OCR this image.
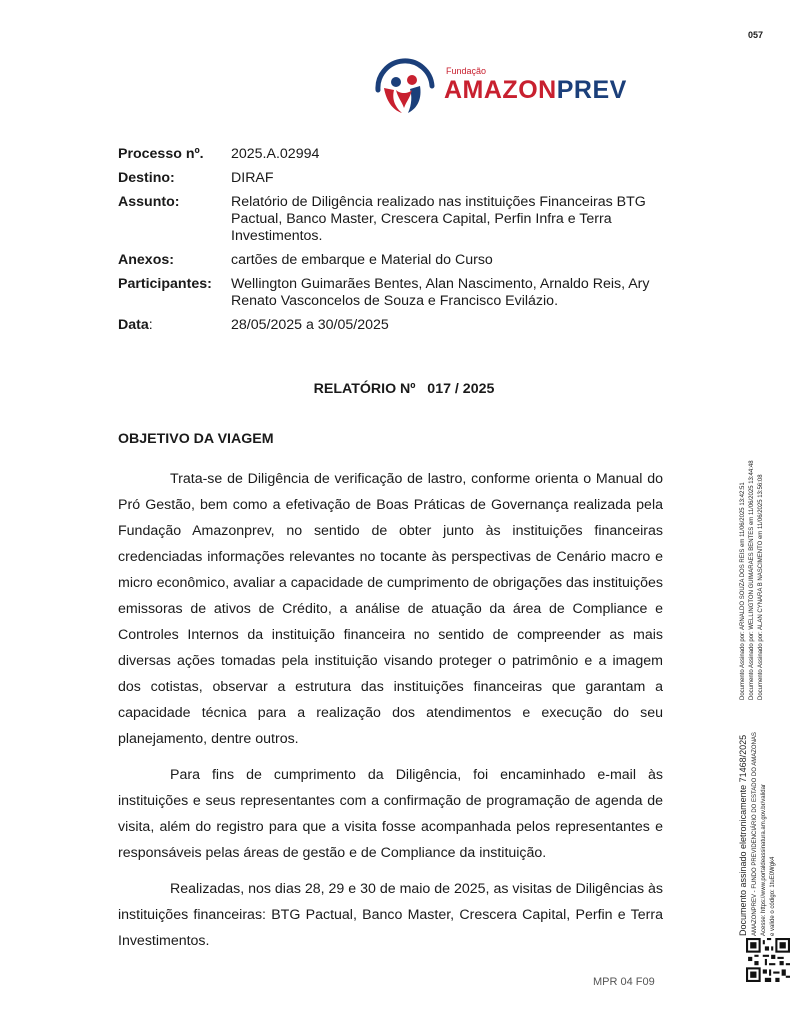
057
Fundação
AMAZONPREV
Processo nº.	2025.A.02994
Destino:	DIRAF
Assunto:	Relatório de Diligência realizado nas instituições Financeiras BTG Pactual, Banco Master, Crescera Capital, Perfin Infra e Terra Investimentos.
Anexos:	cartões de embarque e Material do Curso
Participantes:	Wellington Guimarães Bentes, Alan Nascimento, Arnaldo Reis, Ary Renato Vasconcelos de Souza e Francisco Evilázio.
Data:	28/05/2025 a 30/05/2025
RELATÓRIO Nº   017 / 2025
OBJETIVO DA VIAGEM

Trata-se de Diligência de verificação de lastro, conforme orienta o Manual do Pró Gestão, bem como a efetivação de Boas Práticas de Governança realizada pela Fundação Amazonprev, no sentido de obter junto às instituições financeiras credenciadas informações relevantes no tocante às perspectivas de Cenário macro e micro econômico, avaliar a capacidade de cumprimento de obrigações das instituições emissoras de ativos de Crédito, a análise de atuação da área de Compliance e Controles Internos da instituição financeira no sentido de compreender as mais diversas ações tomadas pela instituição visando proteger o patrimônio e a imagem dos cotistas, observar a estrutura das instituições financeiras que garantam a capacidade técnica para a realização dos atendimentos e execução do seu planejamento, dentre outros.

Para fins de cumprimento da Diligência, foi encaminhado e-mail às instituições e seus representantes com a confirmação de programação de agenda de visita, além do registro para que a visita fosse acompanhada pelos representantes e responsáveis pelas áreas de gestão e de Compliance da instituição.

Realizadas, nos dias 28, 29 e 30 de maio de 2025, as visitas de Diligências às instituições financeiras: BTG Pactual, Banco Master, Crescera Capital, Perfin e Terra Investimentos.

MPR 04 F09
Documento Assinado por: ARNALDO SOUZA DOS REIS em 11/06/2025 13:42:51 Documento Assinado por: WELLINGTON GUIMARAES BENTES em 11/06/2025 13:44:48 Documento Assinado por: ALAN CYNARA B NASCIMENTO em 11/06/2025 13:56:08
Documento assinado eletronicamente 71468/2025 AMAZONPREV - FUNDO PREVIDENCIÁRIO DO ESTADO DO AMAZONAS Acesse: https://www.portaldeassinatura.am.gov.br/validar e valide o código: 1tuE0Wgk4
